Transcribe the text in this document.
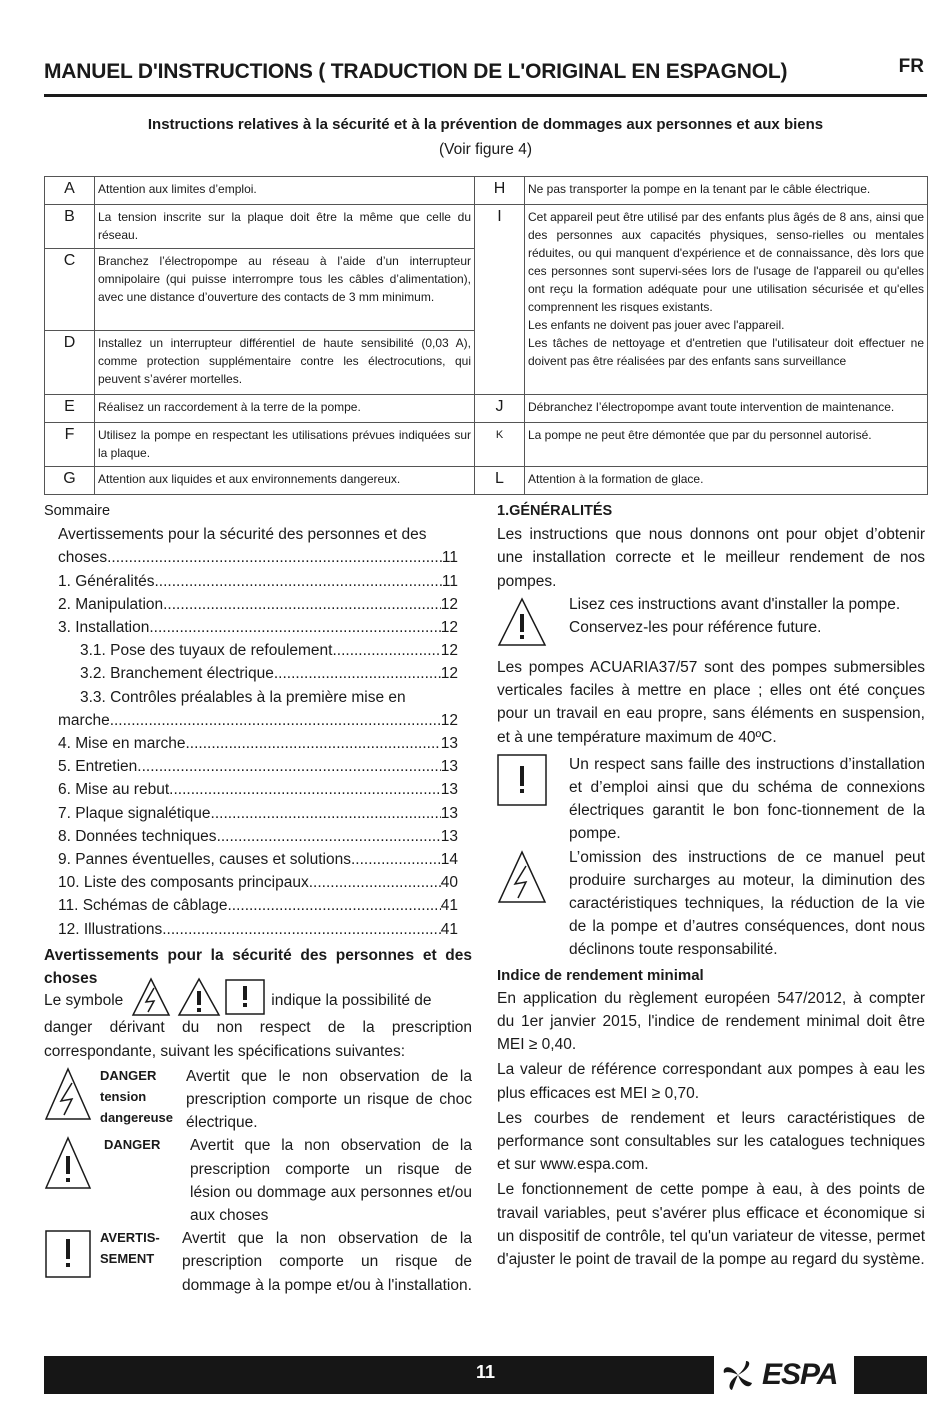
MANUEL D'INSTRUCTIONS ( TRADUCTION DE L'ORIGINAL EN ESPAGNOL)	FR
Instructions relatives à la sécurité et à la prévention de dommages aux personnes et aux biens
(Voir figure 4)
A	Attention aux limites d’emploi.	H	Ne pas transporter la pompe en la tenant par le câble électrique.
B	La tension inscrite sur la plaque doit être la même que celle du réseau.	I	Cet appareil peut être utilisé par des enfants plus âgés de 8 ans, ainsi que des personnes aux capacités physiques, senso-rielles ou mentales réduites, ou qui manquent d'expérience et de connaissance, dès lors que ces personnes sont supervi-sées lors de l'usage de l'appareil ou qu'elles ont reçu la formation adéquate pour une utilisation sécurisée et qu'elles comprennent les risques existants.
Les enfants ne doivent pas jouer avec l'appareil.
Les tâches de nettoyage et d'entretien que l'utilisateur doit effectuer ne doivent pas être réalisées par des enfants sans surveillance
C	Branchez l’électropompe au réseau à l’aide d’un interrupteur omnipolaire (qui puisse interrompre tous les câbles d’alimentation), avec une distance d’ouverture des contacts de 3 mm minimum.		
D	Installez un interrupteur différentiel de haute sensibilité (0,03 A), comme protection supplémentaire contre les électrocutions, qui peuvent s’avérer mortelles.		
E	Réalisez un raccordement à la terre de la pompe.	J	Débranchez l’électropompe avant toute intervention de maintenance.
F	Utilisez la pompe en respectant les utilisations prévues indiquées sur la plaque.	K	La pompe ne peut être démontée que par du personnel autorisé.
G	Attention aux liquides et aux environnements dangereux.	L	Attention à la formation de glace.
Sommaire
Avertissements pour la sécurité des personnes et des
choses .....	11
1. Généralités .....	11
2. Manipulation .....	12
3. Installation .....	12
3.1. Pose des tuyaux de refoulement .....	12
3.2. Branchement électrique .....	12
3.3. Contrôles préalables à la première mise en
marche .....	12
4. Mise en marche .....	13
5. Entretien .....	13
6. Mise au rebut .....	13
7. Plaque signalétique .....	13
8. Données techniques .....	13
9. Pannes éventuelles, causes et solutions .....	14
10. Liste des composants principaux .....	40
11. Schémas de câblage .....	41
12. Illustrations .....	41
Avertissements pour la sécurité des personnes et des choses
Le symbole	indique la possibilité de
danger dérivant du non respect de la prescription correspondante, suivant les spécifications suivantes:
DANGER tension dangereuse
Avertit que le non observation de la prescription comporte un risque de choc électrique.
DANGER	Avertit que la non observation de la prescription comporte un risque de lésion ou dommage aux personnes et/ou aux choses
AVERTIS-SEMENT
Avertit que la non observation de la prescription comporte un risque de dommage à la pompe et/ou à l'installation.
1.GÉNÉRALITÉS
Les instructions que nous donnons ont pour objet d’obtenir une installation correcte et le meilleur rendement de nos pompes.
Lisez ces instructions avant d'installer la pompe.
Conservez-les pour référence future.
Les pompes ACUARIA37/57 sont des pompes submersibles verticales faciles à mettre en place ; elles ont été conçues pour un travail en eau propre, sans éléments en suspension, et à une température maximum de 40ºC.
Un respect sans faille des instructions d’installation et d’emploi ainsi que du schéma de connexions électriques garantit le bon fonc-tionnement de la pompe.
L’omission des instructions de ce manuel peut produire surcharges au moteur, la diminution des caractéristiques techniques, la réduction de la vie de la pompe et d’autres conséquences, dont nous déclinons toute responsabilité.
Indice de rendement minimal
En application du règlement européen 547/2012, à compter du 1er janvier 2015, l'indice de rendement minimal doit être MEI ≥ 0,40.
La valeur de référence correspondant aux pompes à eau les plus efficaces est MEI ≥ 0,70.
Les courbes de rendement et leurs caractéristiques de performance sont consultables sur les catalogues techniques et sur www.espa.com.
Le fonctionnement de cette pompe à eau, à des points de travail variables, peut s'avérer plus efficace et économique si un dispositif de contrôle, tel qu'un variateur de vitesse, permet d'ajuster le point de travail de la pompe au regard du système.
11	ESPA
